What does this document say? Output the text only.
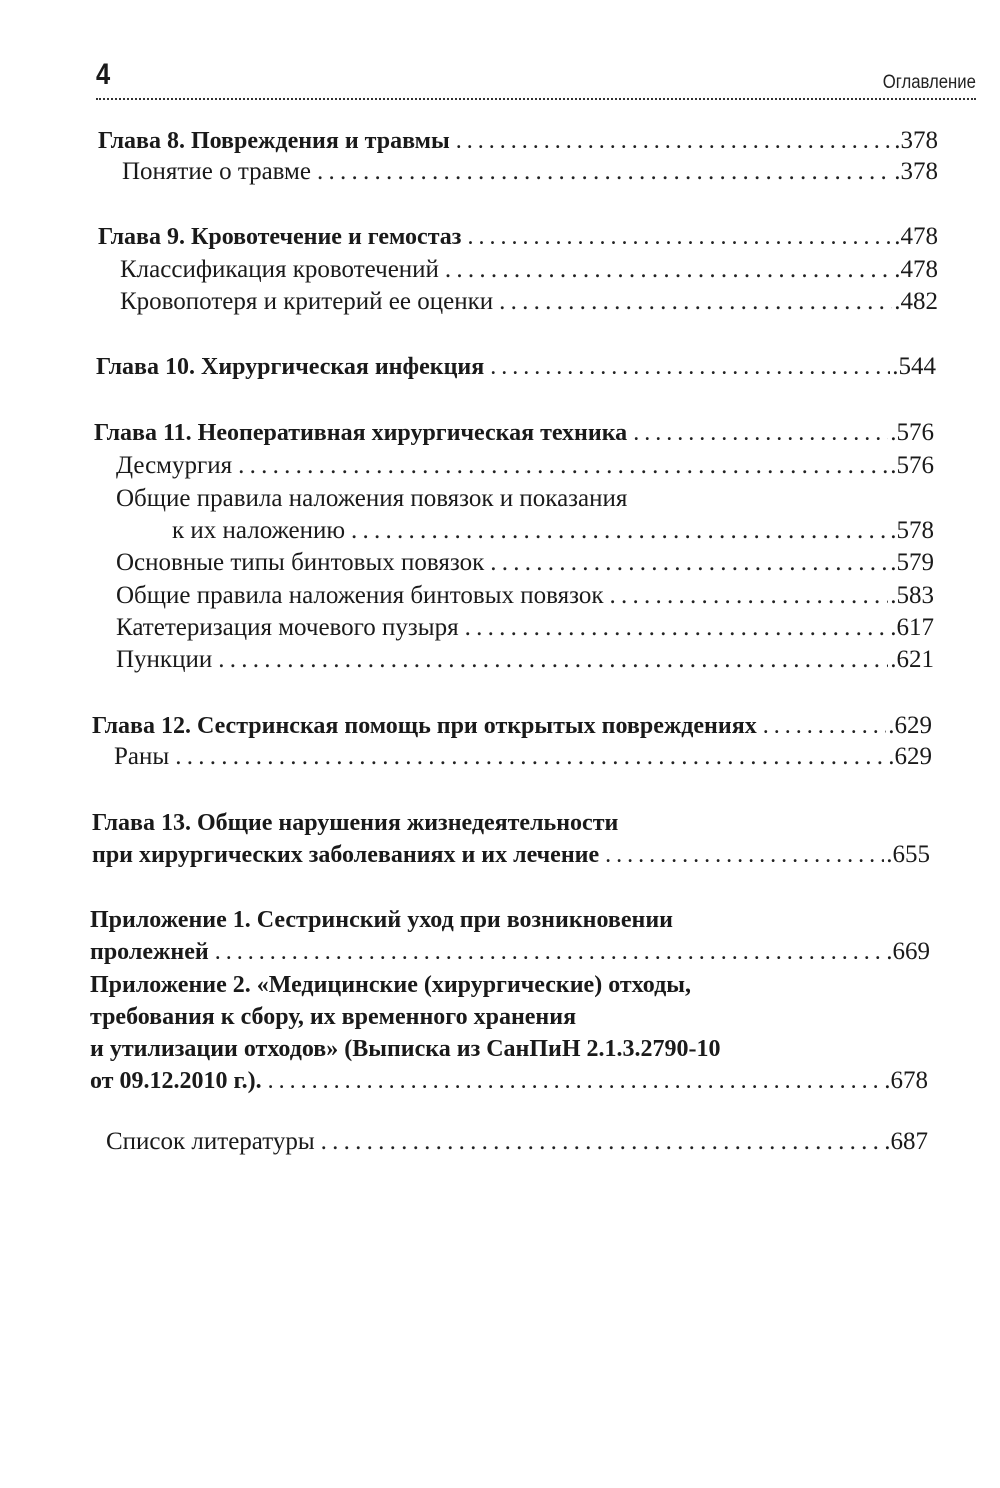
4	Оглавление
Глава 8. Повреждения и травмы . . .	.378
Понятие о травме . . .	.378
Глава 9. Кровотечение и гемостаз . . .	.478
Классификация кровотечений . . .	.478
Кровопотеря и критерий ее оценки . . .	.482
Глава 10. Хирургическая инфекция . . .	.544
Глава 11. Неоперативная хирургическая техника . . .	.576
Десмургия . . .	.576
Общие правила наложения повязок и показания
к их наложению . . .	.578
Основные типы бинтовых повязок . . .	.579
Общие правила наложения бинтовых повязок . . .	.583
Катетеризация мочевого пузыря . . .	.617
Пункции . . .	.621
Глава 12. Сестринская помощь при открытых повреждениях . . .	.629
Раны . . .	.629
Глава 13. Общие нарушения жизнедеятельности
при хирургических заболеваниях и их лечение . . .	.655
Приложение 1. Сестринский уход при возникновении
пролежней . . .	.669
Приложение 2. «Медицинские (хирургические) отходы,
требования к сбору, их временного хранения
и утилизации отходов» (Выписка из СанПиН 2.1.3.2790-10
от 09.12.2010 г.). . . .	.678
Список литературы . . .	.687
